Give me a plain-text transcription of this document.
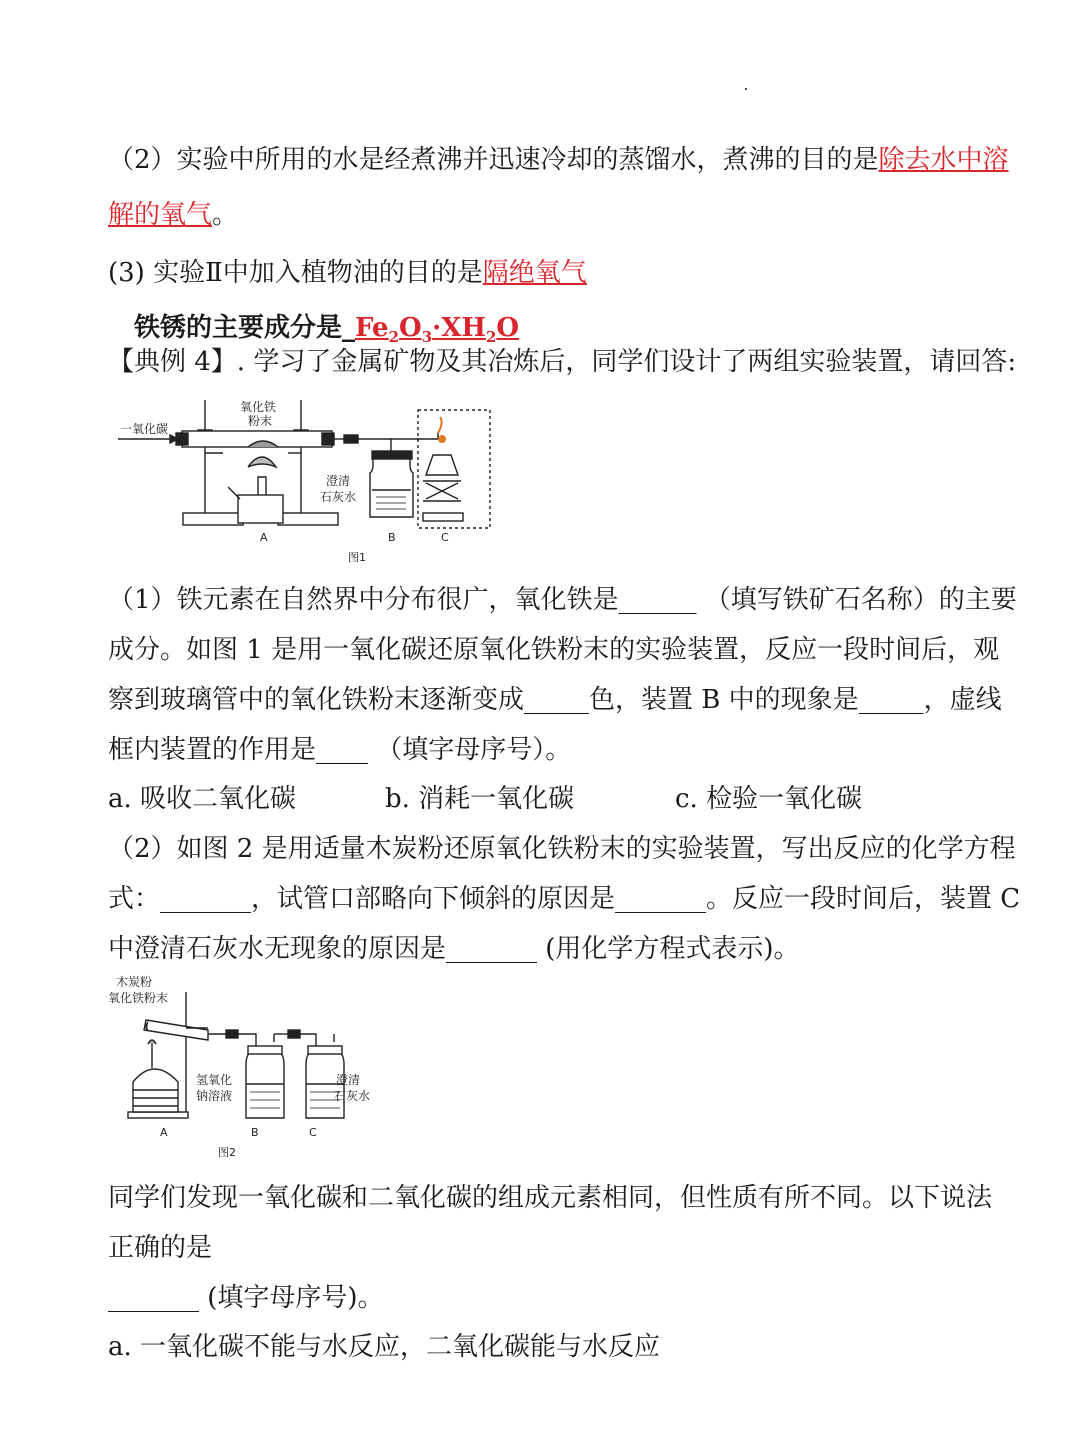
（2）实验中所用的水是经煮沸并迅速冷却的蒸馏水，煮沸的目的是除去水中溶
解的氧气。
(3) 实验Ⅱ中加入植物油的目的是隔绝氧气
铁锈的主要成分是$\_Fe_2O_3\cdot XH_2O$
【典例 4】. 学习了金属矿物及其冶炼后，同学们设计了两组实验装置，请回答:
一氧化碳
氧化铁
粉末
澄清
石灰水
A	B	C
图1
（1）铁元素在自然界中分布很广，氧化铁是______ （填写铁矿石名称）的主要
成分。如图 1 是用一氧化碳还原氧化铁粉末的实验装置，反应一段时间后，观
察到玻璃管中的氧化铁粉末逐渐变成_____色，装置 B 中的现象是_____，虚线
框内装置的作用是____ （填字母序号）。
a. 吸收二氧化碳	b. 消耗一氧化碳	c. 检验一氧化碳
（2）如图 2 是用适量木炭粉还原氧化铁粉末的实验装置，写出反应的化学方程
式：_______，试管口部略向下倾斜的原因是_______。反应一段时间后，装置 C
中澄清石灰水无现象的原因是_______ (用化学方程式表示)。
木炭粉
氧化铁粉末
氢氧化
钠溶液
澄清
石灰水
A	B	C
图2
同学们发现一氧化碳和二氧化碳的组成元素相同，但性质有所不同。以下说法
正确的是
_______ (填字母序号)。
a. 一氧化碳不能与水反应，二氧化碳能与水反应
